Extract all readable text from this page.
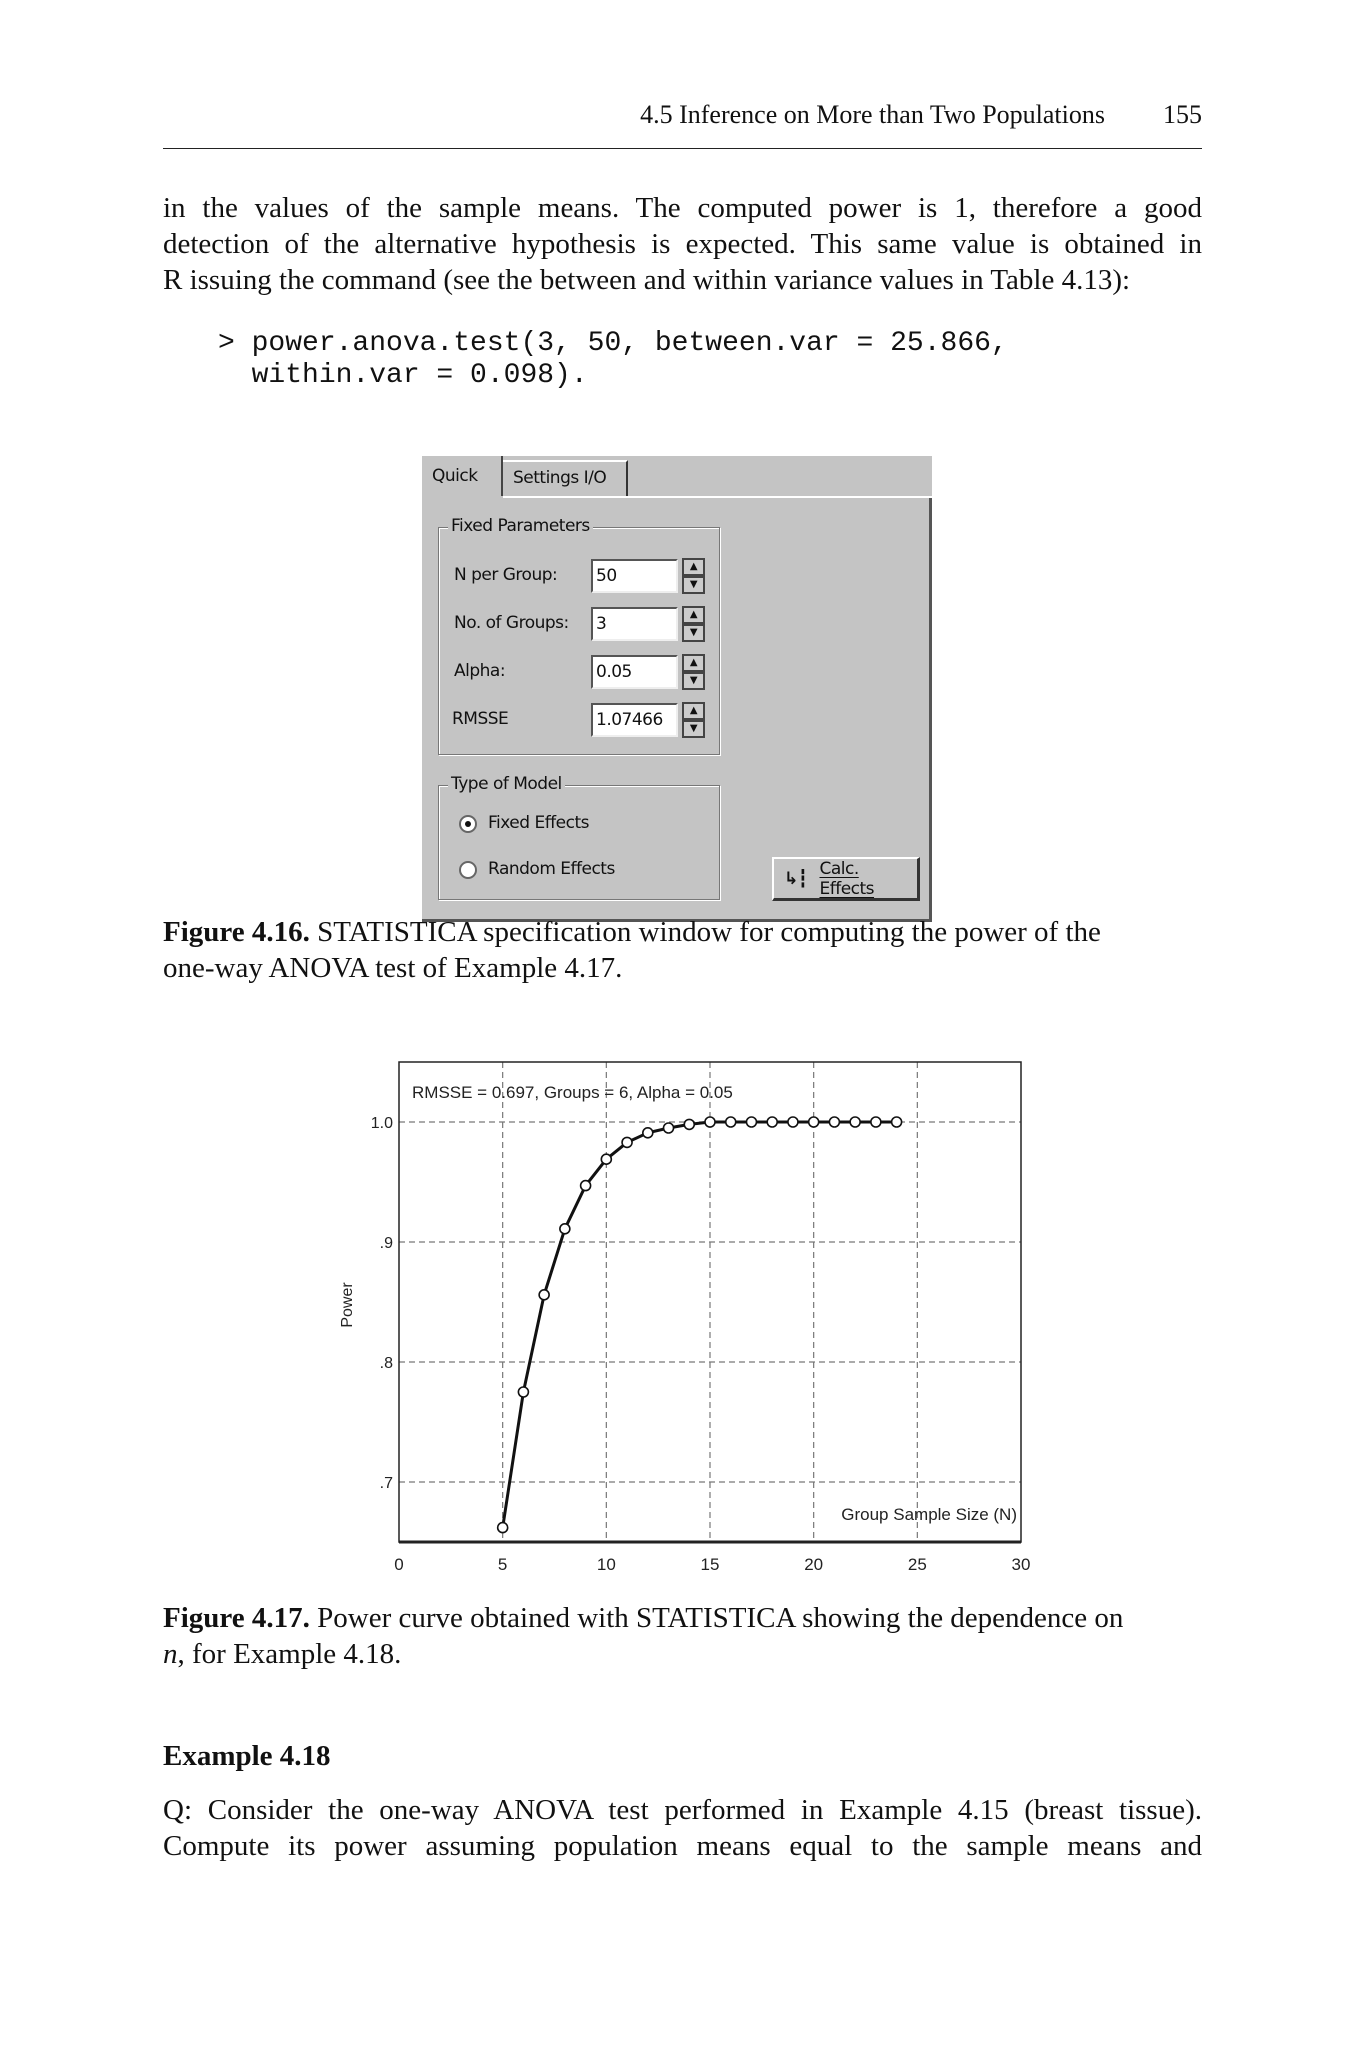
4.5 Inference on More than Two Populations 155
in the values of the sample means. The computed power is 1, therefore a good
detection of the alternative hypothesis is expected. This same value is obtained in
R issuing the command (see the between and within variance values in Table 4.13):
> power.anova.test(3, 50, between.var = 25.866,
within.var = 0.098).
Quick	Settings I/O
Fixed Parameters
N per Group: 50	▲
▼
No. of Groups: 3	▲
▼
Alpha:	0.05	▲
▼
RMSSE	1.07466	▲
▼
Type of Model
Fixed Effects
Random Effects	↳┇ Calc. Effects
Figure 4.16. STATISTICA specification window for computing the power of the
one-way ANOVA test of Example 4.17.
0	5	10	15	20	25	30
.7
.8
.9
1.0
RMSSE = 0.697, Groups = 6, Alpha = 0.05
Group Sample Size (N)
Power
Figure 4.17. Power curve obtained with STATISTICA showing the dependence on
n, for Example 4.18.
Example 4.18
Q: Consider the one-way ANOVA test performed in Example 4.15 (breast tissue).
Compute its power assuming population means equal to the sample means and
